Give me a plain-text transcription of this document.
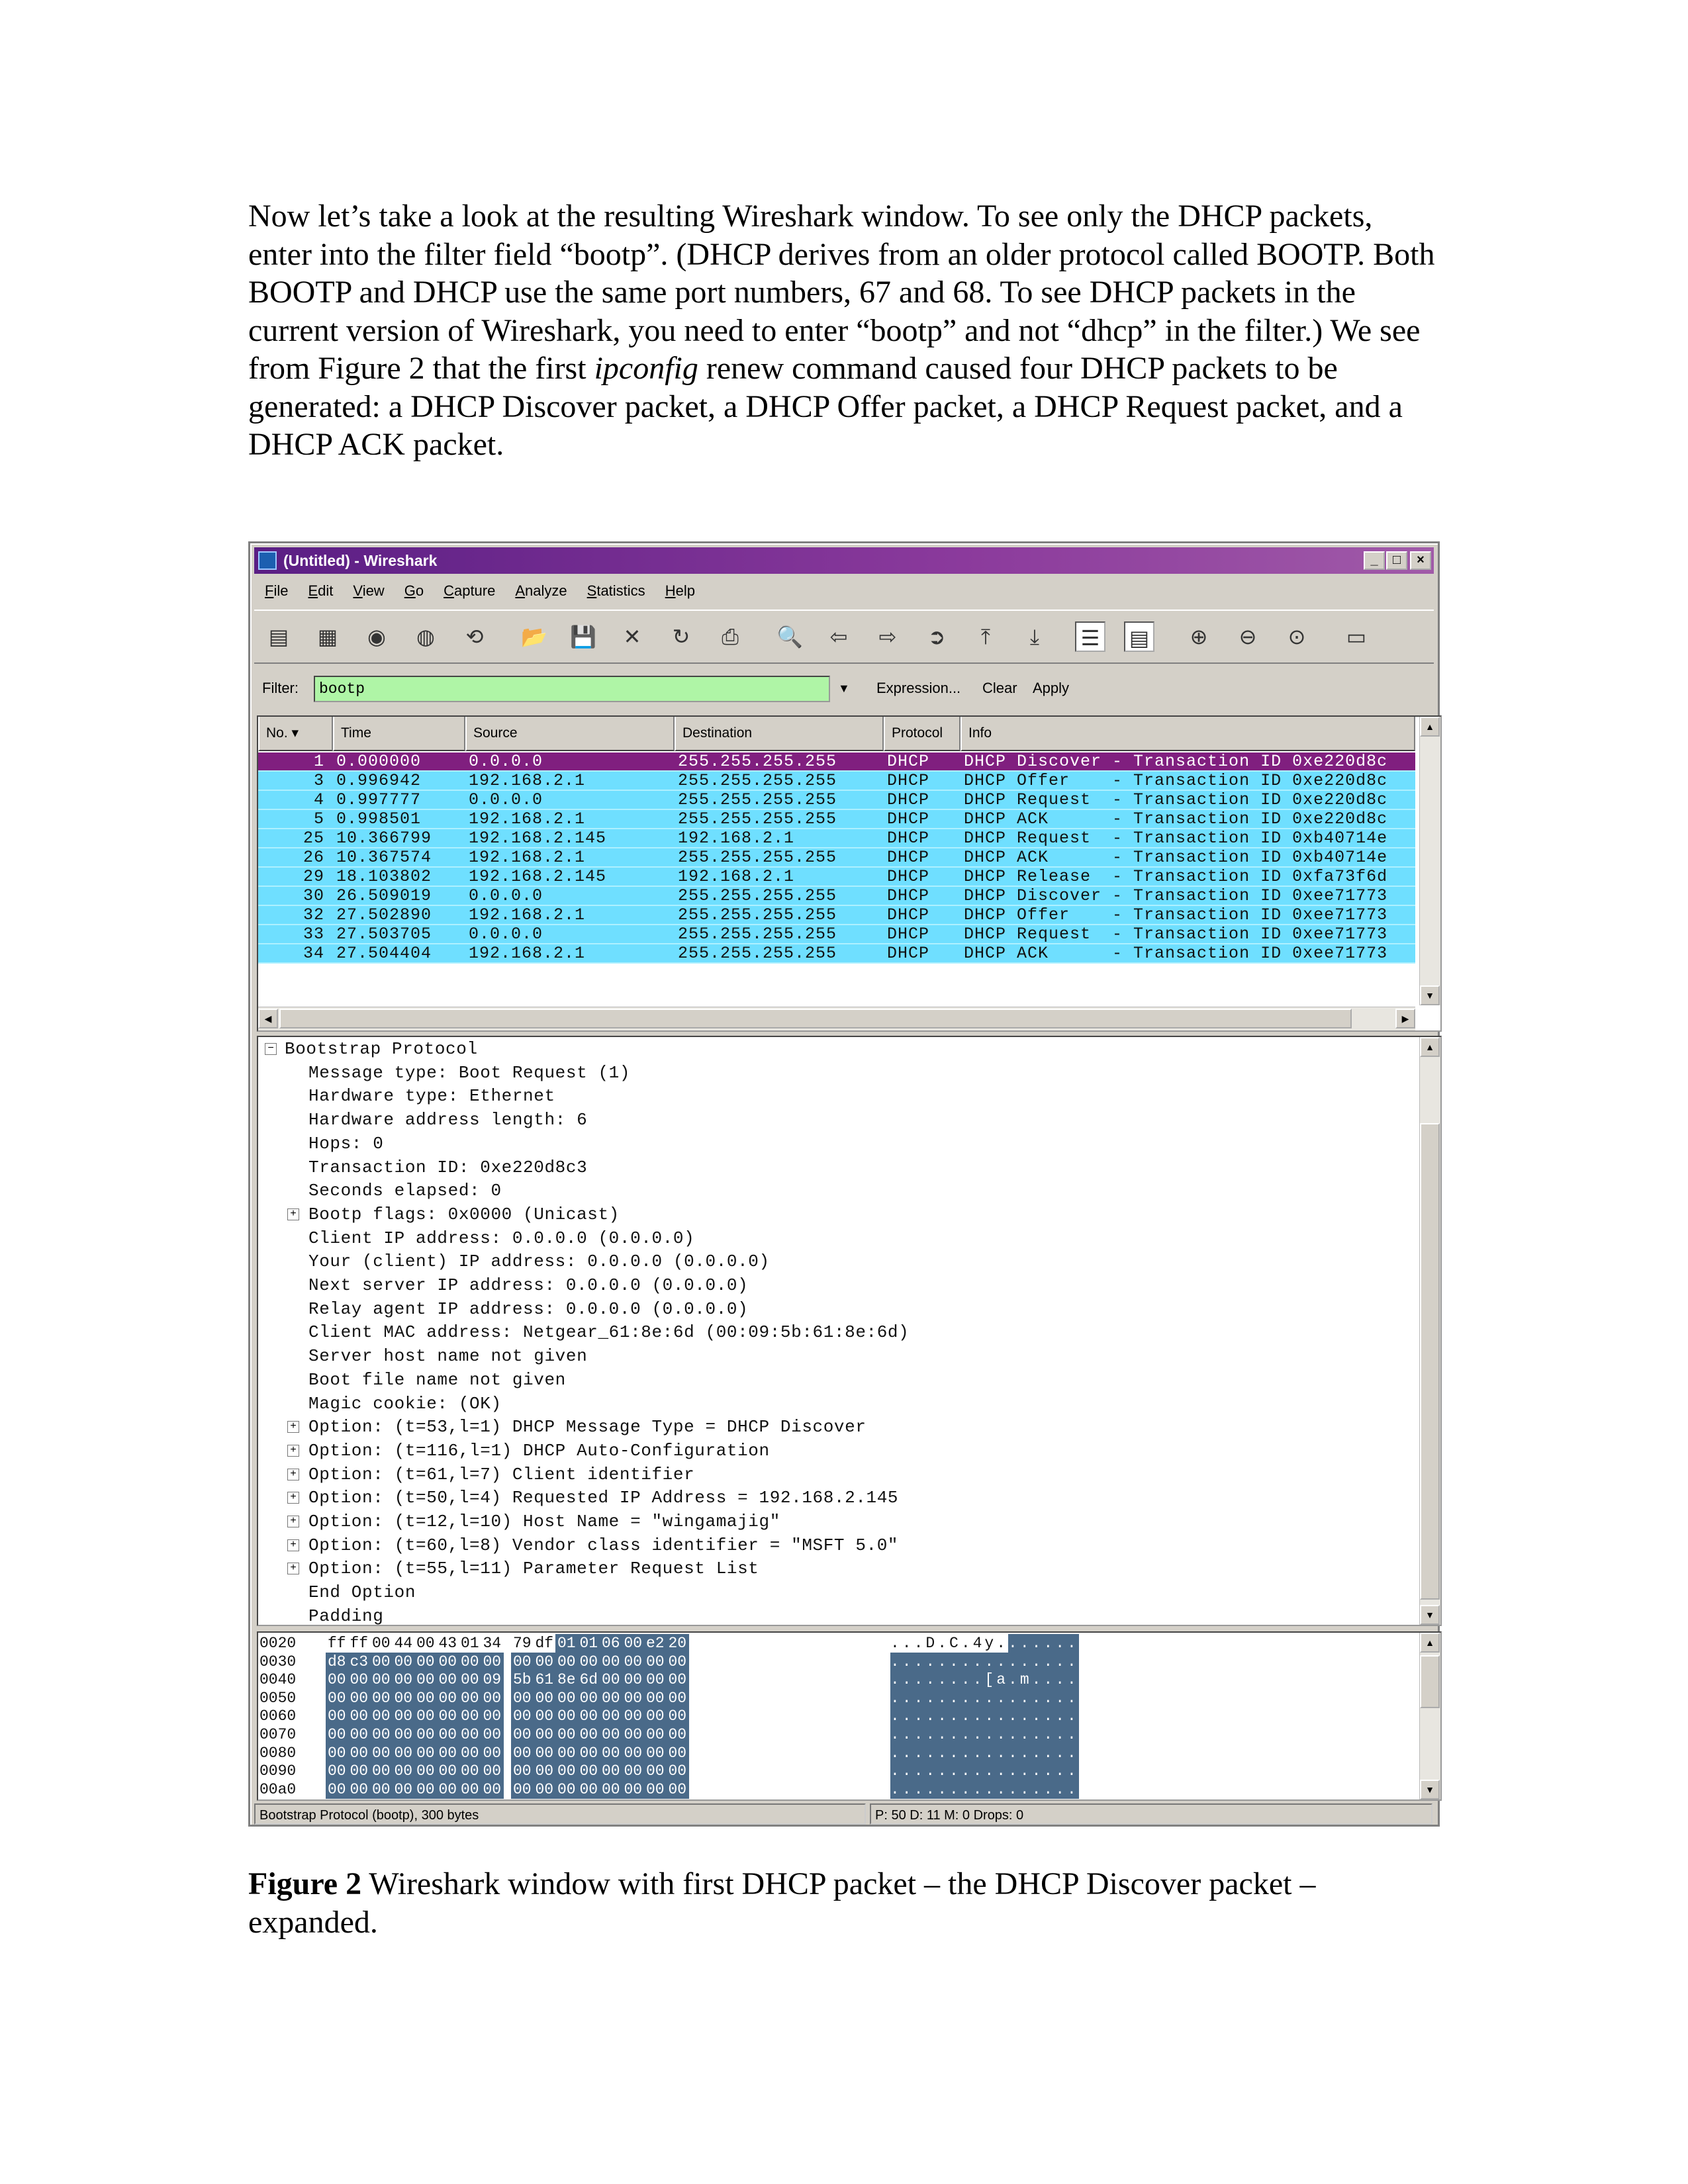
Now let’s take a look at the resulting Wireshark window. To see only the DHCP packets, enter into the filter field “bootp”. (DHCP derives from an older protocol called BOOTP. Both BOOTP and DHCP use the same port numbers, 67 and 68. To see DHCP packets in the current version of Wireshark, you need to enter “bootp” and not “dhcp” in the filter.) We see from Figure 2 that the first ipconfig renew command caused four DHCP packets to be generated: a DHCP Discover packet, a DHCP Offer packet, a DHCP Request packet, and a DHCP ACK packet.
(Untitled) - Wireshark	_	□	×
File Edit View Go Capture Analyze Statistics Help
▤ ▦ ◉ ◍ ⟲ 📂 💾 ✕ ↻	⎙	🔍 ⇦ ⇨ ➲	⤒	⤓	☰ ▤ ⊕ ⊖ ⊙ ▭
Filter:	bootp	▼ Expression... Clear Apply
No. ▾	Time	Source	Destination	Protocol	Info	▲
▼
◀	▶
1 0.000000	0.0.0.0	255.255.255.255	DHCP DHCP Discover - Transaction ID 0xe220d8c
3 0.996942	192.168.2.1	255.255.255.255	DHCP DHCP Offer    - Transaction ID 0xe220d8c
4 0.997777	0.0.0.0	255.255.255.255	DHCP DHCP Request  - Transaction ID 0xe220d8c
5 0.998501	192.168.2.1	255.255.255.255	DHCP DHCP ACK      - Transaction ID 0xe220d8c
25 10.366799 192.168.2.145	192.168.2.1	DHCP DHCP Request  - Transaction ID 0xb40714e
26 10.367574 192.168.2.1	255.255.255.255	DHCP DHCP ACK      - Transaction ID 0xb40714e
29 18.103802 192.168.2.145	192.168.2.1	DHCP DHCP Release  - Transaction ID 0xfa73f6d
30 26.509019 0.0.0.0	255.255.255.255	DHCP DHCP Discover - Transaction ID 0xee71773
32 27.502890 192.168.2.1	255.255.255.255	DHCP DHCP Offer    - Transaction ID 0xee71773
33 27.503705 0.0.0.0	255.255.255.255	DHCP DHCP Request  - Transaction ID 0xee71773
34 27.504404 192.168.2.1	255.255.255.255	DHCP DHCP ACK      - Transaction ID 0xee71773
▲
▼
− Bootstrap Protocol
Message type: Boot Request (1)
Hardware type: Ethernet
Hardware address length: 6
Hops: 0
Transaction ID: 0xe220d8c3
Seconds elapsed: 0
+ Bootp flags: 0x0000 (Unicast)
Client IP address: 0.0.0.0 (0.0.0.0)
Your (client) IP address: 0.0.0.0 (0.0.0.0)
Next server IP address: 0.0.0.0 (0.0.0.0)
Relay agent IP address: 0.0.0.0 (0.0.0.0)
Client MAC address: Netgear_61:8e:6d (00:09:5b:61:8e:6d)
Server host name not given
Boot file name not given
Magic cookie: (OK)
+ Option: (t=53,l=1) DHCP Message Type = DHCP Discover
+ Option: (t=116,l=1) DHCP Auto-Configuration
+ Option: (t=61,l=7) Client identifier
+ Option: (t=50,l=4) Requested IP Address = 192.168.2.145
+ Option: (t=12,l=10) Host Name = "wingamajig"
+ Option: (t=60,l=8) Vendor class identifier = "MSFT 5.0"
+ Option: (t=55,l=11) Parameter Request List
End Option
Padding
▲
▼
0020 ff ff 00 44 00 43 01 34 79 df 01 01 06 00 e2 20	...D.C.4y.......
0030 d8 c3 00 00 00 00 00 00 00 00 00 00 00 00 00 00	................
0040 00 00 00 00 00 00 00 09 5b 61 8e 6d 00 00 00 00	........[a.m....
0050 00 00 00 00 00 00 00 00 00 00 00 00 00 00 00 00	................
0060 00 00 00 00 00 00 00 00 00 00 00 00 00 00 00 00	................
0070 00 00 00 00 00 00 00 00 00 00 00 00 00 00 00 00	................
0080 00 00 00 00 00 00 00 00 00 00 00 00 00 00 00 00	................
0090 00 00 00 00 00 00 00 00 00 00 00 00 00 00 00 00	................
00a0 00 00 00 00 00 00 00 00 00 00 00 00 00 00 00 00	................
Bootstrap Protocol (bootp), 300 bytes	P: 50 D: 11 M: 0 Drops: 0
Figure 2 Wireshark window with first DHCP packet – the DHCP Discover packet – expanded.
